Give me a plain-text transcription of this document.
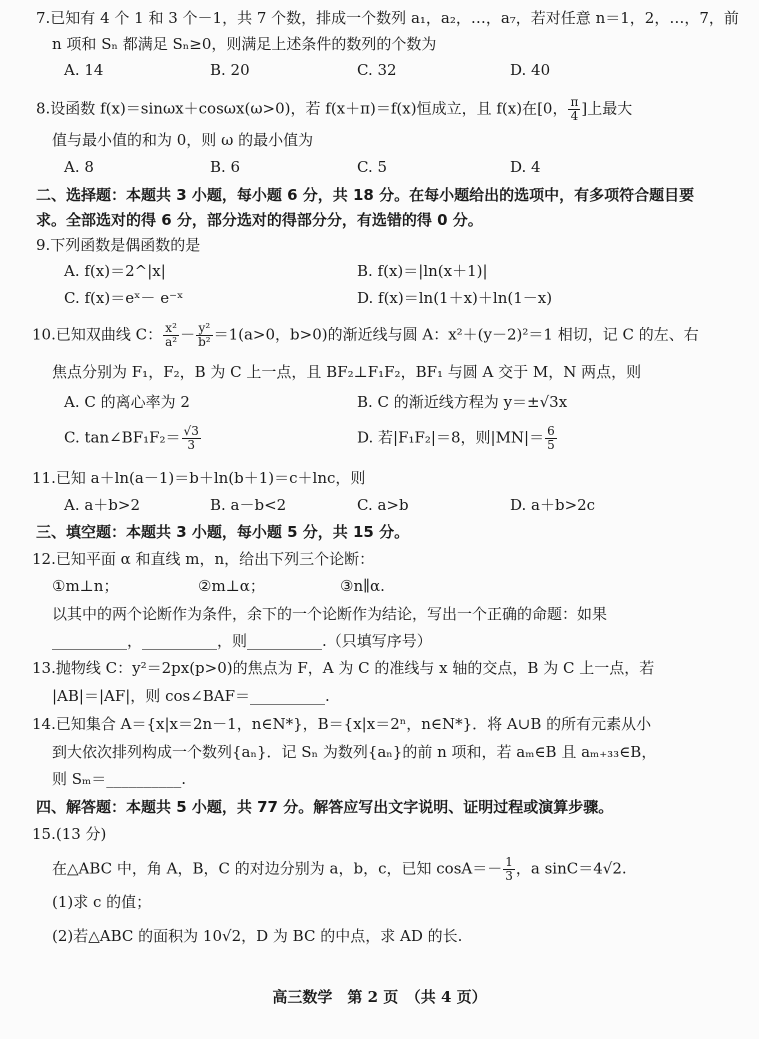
7.已知有 4 个 1 和 3 个－1，共 7 个数，排成一个数列 a₁，a₂，…，a₇，若对任意 n＝1，2，…，7，前
n 项和 Sₙ 都满足 Sₙ≥0，则满足上述条件的数列的个数为
A. 14	B. 20	C. 32	D. 40
8.设函数 f(x)＝sinωx＋cosωx(ω>0)，若 f(x＋π)＝f(x)恒成立，且 f(x)在[0， $\frac{\pi}{4}$ ]上最大
值与最小值的和为 0，则 ω 的最小值为
A. 8	B. 6	C. 5	D. 4
二、选择题：本题共 3 小题，每小题 6 分，共 18 分。在每小题给出的选项中，有多项符合题目要
求。全部选对的得 6 分，部分选对的得部分分，有选错的得 0 分。
9.下列函数是偶函数的是
A. f(x)＝2^|x|	B. f(x)＝|ln(x＋1)|
C. f(x)＝eˣ－ e⁻ˣ	D. f(x)＝ln(1＋x)＋ln(1－x)
10.已知双曲线 C： $\frac{\text{x²}}{\text{a²}} - \frac{\text{y²}}{\text{b²}} =1(a>0$，b>0)的渐近线与圆 A：x²＋(y－2)²＝1 相切，记 C 的左、右
焦点分别为 F₁，F₂，B 为 C 上一点，且 BF₂⊥F₁F₂，BF₁ 与圆 A 交于 M，N 两点，则
A. C 的离心率为 2	B. C 的渐近线方程为 y＝±√3x
C. tan∠BF₁F₂＝ $\frac{√3}{3}$	D. 若|F₁F₂|＝8，则$|MN|= \frac{6}{5}$
11.已知 a＋ln(a－1)＝b＋ln(b＋1)＝c＋lnc，则
A. a＋b>2	B. a－b<2	C. a>b	D. a＋b>2c
三、填空题：本题共 3 小题，每小题 5 分，共 15 分。
12.已知平面 α 和直线 m，n，给出下列三个论断：
①m⊥n；	②m⊥α；	③n∥α.
以其中的两个论断作为条件，余下的一个论断作为结论，写出一个正确的命题：如果
__________，__________，则__________.（只填写序号）
13.抛物线 C：y²＝2px(p>0)的焦点为 F，A 为 C 的准线与 x 轴的交点，B 为 C 上一点，若
|AB|＝|AF|，则 cos∠BAF＝__________.
14.已知集合 A＝{x|x＝2n－1，n∈N*}，B＝{x|x＝2ⁿ，n∈N*}．将 A∪B 的所有元素从小
到大依次排列构成一个数列{aₙ}．记 Sₙ 为数列{aₙ}的前 n 项和，若 aₘ∈B 且 aₘ₊₃₃∈B，
则 Sₘ＝__________.
四、解答题：本题共 5 小题，共 77 分。解答应写出文字说明、证明过程或演算步骤。
15.(13 分)
在△ABC 中，角 A，B，C 的对边分别为 a，b，c，已知 $\cos A=- \frac{1}{3}$ ，a sinC＝4√2.
(1)求 c 的值；
(2)若△ABC 的面积为 10√2，D 为 BC 的中点，求 AD 的长.
高三数学　第 2 页　（共 4 页）
